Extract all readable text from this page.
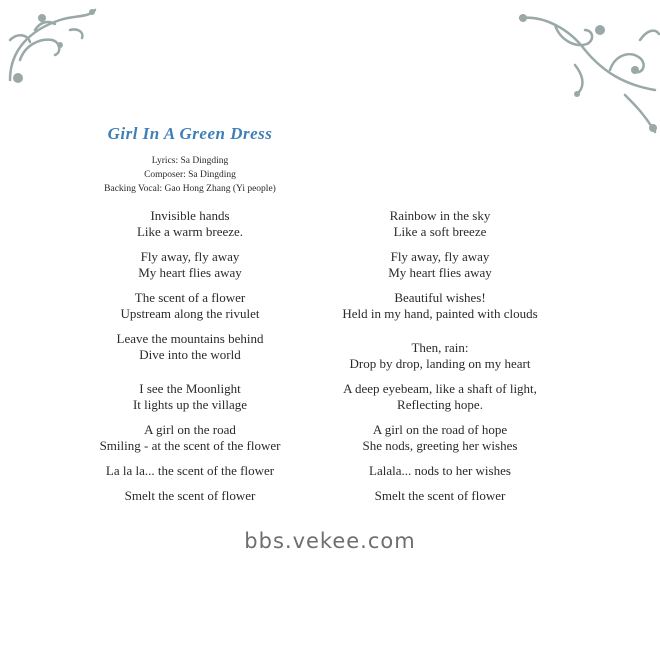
Girl In A Green Dress
Lyrics: Sa Dingding
Composer: Sa Dingding
Backing Vocal: Gao Hong Zhang (Yi people)
Invisible hands
Like a warm breeze.
Fly away, fly away
My heart flies away
The scent of a flower
Upstream along the rivulet
Leave the mountains behind
Dive into the world
I see the Moonlight
It lights up the village
A girl on the road
Smiling - at the scent of the flower
La la la... the scent of the flower
Smelt the scent of flower
Rainbow in the sky
Like a soft breeze
Fly away, fly away
My heart flies away
Beautiful wishes!
Held in my hand, painted with clouds
Then, rain:
Drop by drop, landing on my heart
A deep eyebeam, like a shaft of light,
Reflecting hope.
A girl on the road of hope
She nods, greeting her wishes
Lalala... nods to her wishes
Smelt the scent of flower
bbs.vekee.com
